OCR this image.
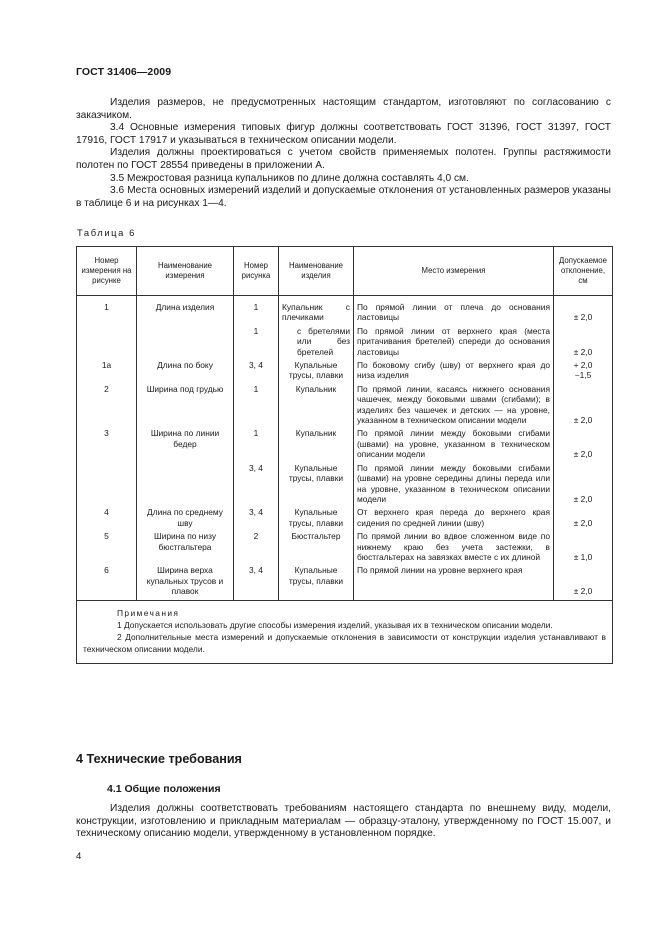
ГОСТ 31406—2009

Изделия размеров, не предусмотренных настоящим стандартом, изготовляют по согласованию с заказчиком.

3.4 Основные измерения типовых фигур должны соответствовать ГОСТ 31396, ГОСТ 31397, ГОСТ 17916, ГОСТ 17917 и указываться в техническом описании модели.

Изделия должны проектироваться с учетом свойств применяемых полотен. Группы растяжимости полотен по ГОСТ 28554 приведены в приложении А.

3.5 Межростовая разница купальников по длине должна составлять 4,0 см.

3.6 Места основных измерений изделий и допускаемые отклонения от установленных размеров указаны в таблице 6 и на рисунках 1—4.

Таблица 6
Номер измерения на рисунке	Наименование измерения	Номер рисунка	Наименование изделия	Место измерения	Допускаемое отклонение, см
1	Длина изделия	1	Купальник с плечиками	По прямой линии от плеча до основания ластовицы	± 2,0
		1	с бретелями или без бретелей	По прямой линии от верхнего края (места притачивания бретелей) спереди до основания ластовицы	± 2,0
1а	Длина по боку	3, 4	Купальные трусы, плавки	По боковому сгибу (шву) от верхнего края до низа изделия	+ 2,0
−1,5
2	Ширина под грудью	1	Купальник	По прямой линии, касаясь нижнего основания чашечек, между боковыми швами (сгибами); в изделиях без чашечек и детских — на уровне, указанном в техническом описании модели	± 2,0
3	Ширина по линии бедер	1	Купальник	По прямой линии между боковыми сгибами (швами) на уровне, указанном в техническом описании модели	± 2,0
		3, 4	Купальные трусы, плавки	По прямой линии между боковыми сгибами (швами) на уровне середины длины переда или на уровне, указанном в техническом описании модели	± 2,0
4	Длина по среднему шву	3, 4	Купальные трусы, плавки	От верхнего края переда до верхнего края сидения по средней линии (шву)	± 2,0
5	Ширина по низу бюстгальтера	2	Бюстгальтер	По прямой линии во вдвое сложенном виде по нижнему краю без учета застежки, в бюстгальтерах на завязках вместе с их длиной	± 1,0
6	Ширина верха купальных трусов и плавок	3, 4	Купальные трусы, плавки	По прямой линии на уровне верхнего края	± 2,0

Примечания

1 Допускается использовать другие способы измерения изделий, указывая их в техническом описании модели.

2 Дополнительные места измерений и допускаемые отклонения в зависимости от конструкции изделия устанавливают в техническом описании модели.					

4 Технические требования
4.1 Общие положения

Изделия должны соответствовать требованиям настоящего стандарта по внешнему виду, модели, конструкции, изготовлению и прикладным материалам — образцу-эталону, утвержденному по ГОСТ 15.007, и техническому описанию модели, утвержденному в установленном порядке.

4
